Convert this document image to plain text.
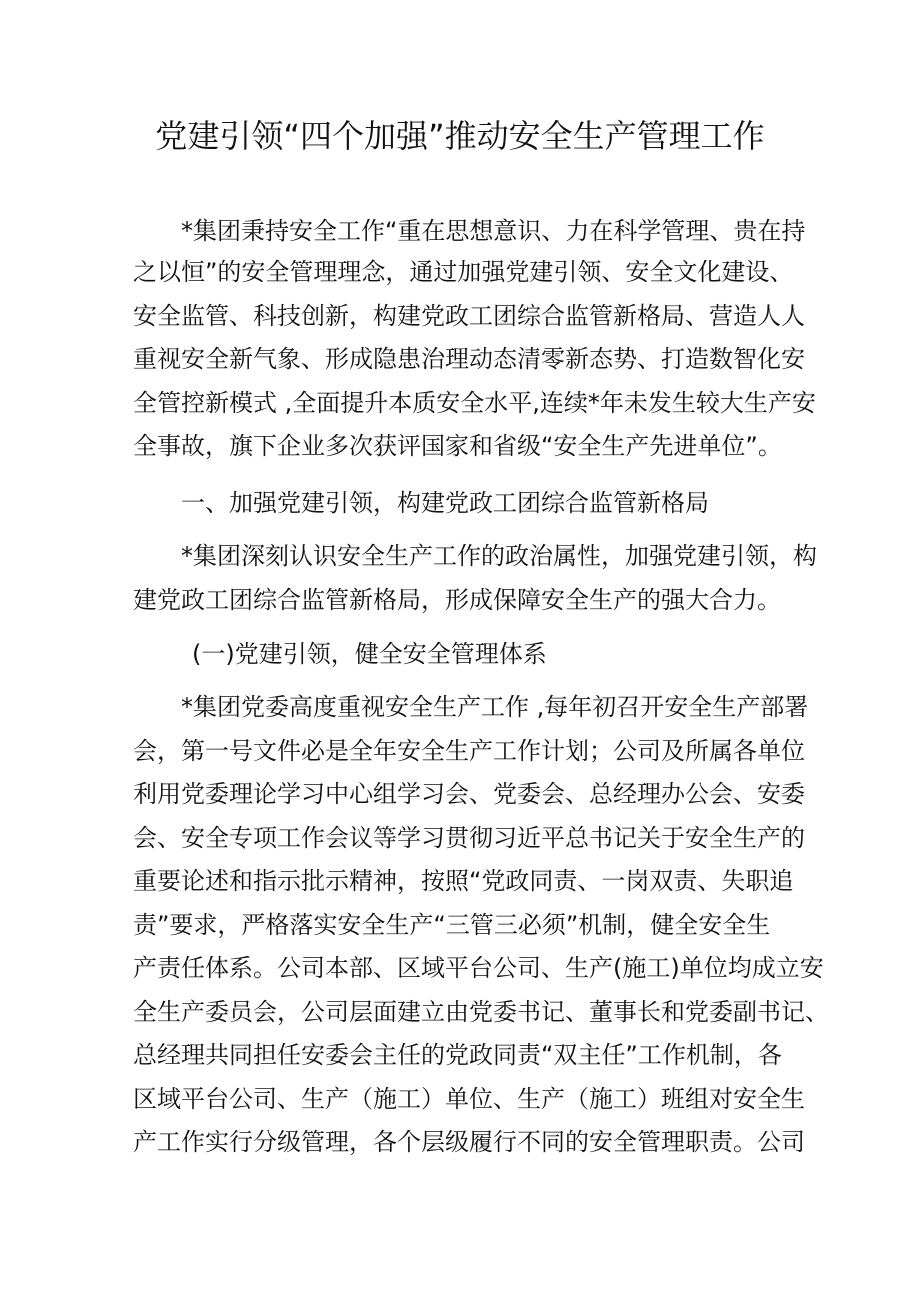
党建引领“四个加强”推动安全生产管理工作

*集团秉持安全工作“重在思想意识、力在科学管理、贵在持

之以恒”的安全管理理念，通过加强党建引领、安全文化建设、

安全监管、科技创新，构建党政工团综合监管新格局、营造人人

重视安全新气象、形成隐患治理动态清零新态势、打造数智化安

全管控新模式 ,全面提升本质安全水平,连续*年未发生较大生产安

全事故，旗下企业多次获评国家和省级“安全生产先进单位”。

一、加强党建引领，构建党政工团综合监管新格局

*集团深刻认识安全生产工作的政治属性，加强党建引领，构

建党政工团综合监管新格局，形成保障安全生产的强大合力。

(一)党建引领，健全安全管理体系

*集团党委高度重视安全生产工作 ,每年初召开安全生产部署

会，第一号文件必是全年安全生产工作计划；公司及所属各单位

利用党委理论学习中心组学习会、党委会、总经理办公会、安委

会、安全专项工作会议等学习贯彻习近平总书记关于安全生产的

重要论述和指示批示精神，按照“党政同责、一岗双责、失职追

责”要求，严格落实安全生产“三管三必须”机制，健全安全生

产责任体系。公司本部、区域平台公司、生产(施工)单位均成立安

全生产委员会，公司层面建立由党委书记、董事长和党委副书记、

总经理共同担任安委会主任的党政同责“双主任”工作机制，各

区域平台公司、生产（施工）单位、生产（施工）班组对安全生

产工作实行分级管理，各个层级履行不同的安全管理职责。公司
